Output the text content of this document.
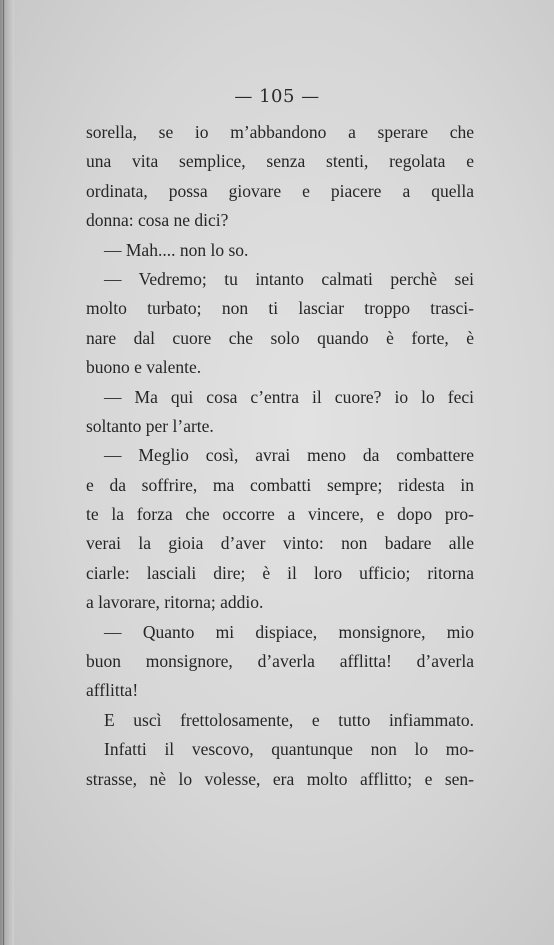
— 105 —
sorella, se io m’abbandono a sperare che
una vita semplice, senza stenti, regolata e
ordinata, possa giovare e piacere a quella
donna: cosa ne dici?
— Mah.... non lo so.
— Vedremo; tu intanto calmati perchè sei
molto turbato; non ti lasciar troppo trasci-
nare dal cuore che solo quando è forte, è
buono e valente.
— Ma qui cosa c’entra il cuore? io lo feci
soltanto per l’arte.
— Meglio così, avrai meno da combattere
e da soffrire, ma combatti sempre; ridesta in
te la forza che occorre a vincere, e dopo pro-
verai la gioia d’aver vinto: non badare alle
ciarle: lasciali dire; è il loro ufficio; ritorna
a lavorare, ritorna; addio.
— Quanto mi dispiace, monsignore, mio
buon monsignore, d’averla afflitta! d’averla
afflitta!
E uscì frettolosamente, e tutto infiammato.
Infatti il vescovo, quantunque non lo mo-
strasse, nè lo volesse, era molto afflitto; e sen-
